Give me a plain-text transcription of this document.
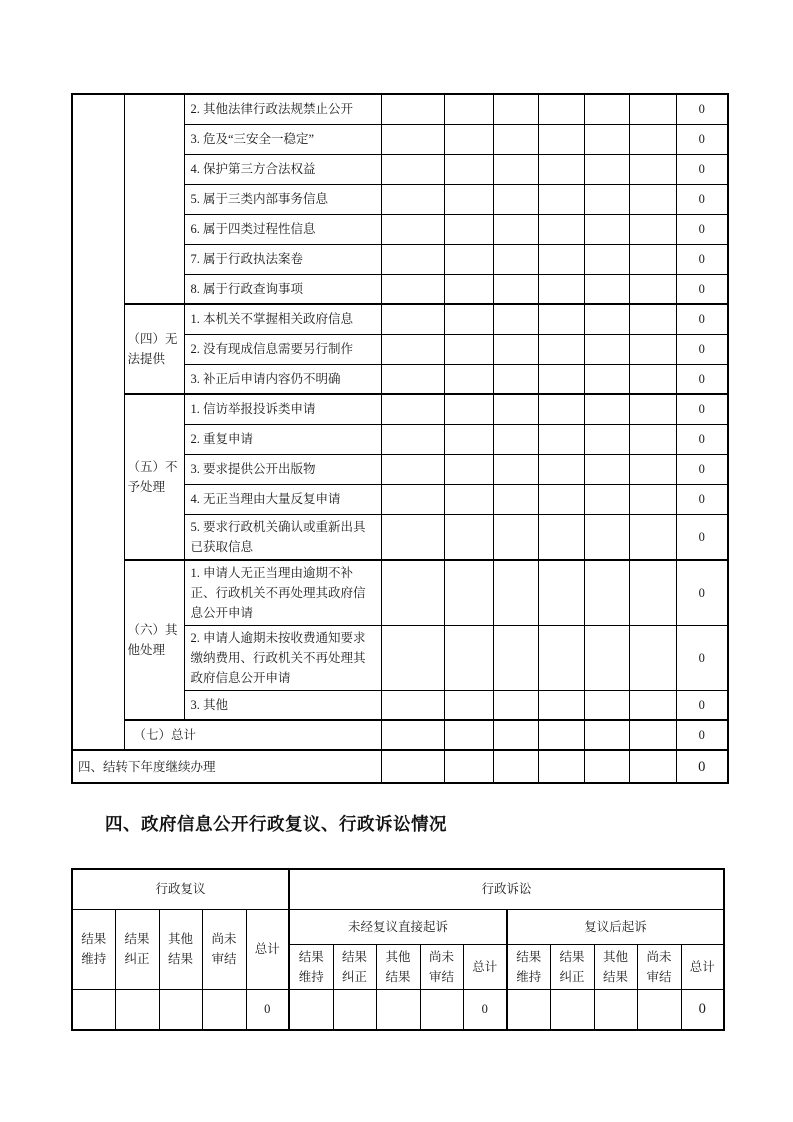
		2. 其他法律行政法规禁止公开							0
		3. 危及“三安全一稳定”							0
		4. 保护第三方合法权益							0
		5. 属于三类内部事务信息							0
		6. 属于四类过程性信息							0
		7. 属于行政执法案卷							0
		8. 属于行政查询事项							0
	（四）无法提供	1. 本机关不掌握相关政府信息							0
		2. 没有现成信息需要另行制作							0
		3. 补正后申请内容仍不明确							0
	（五）不予处理	1. 信访举报投诉类申请							0
		2. 重复申请							0
		3. 要求提供公开出版物							0
		4. 无正当理由大量反复申请							0
		5. 要求行政机关确认或重新出具已获取信息							0
	（六）其他处理	1. 申请人无正当理由逾期不补正、行政机关不再处理其政府信息公开申请							0
		2. 申请人逾期未按收费通知要求缴纳费用、行政机关不再处理其政府信息公开申请							0
		3. 其他							0
	（七）总计								0
四、结转下年度继续办理									0
四、政府信息公开行政复议、行政诉讼情况
行政复议					行政诉讼									
结果维持	结果纠正	其他结果	尚未审结	总计	未经复议直接起诉					复议后起诉				
					结果维持	结果纠正	其他结果	尚未审结	总计	结果维持	结果纠正	其他结果	尚未审结	总计
				0					0					0
